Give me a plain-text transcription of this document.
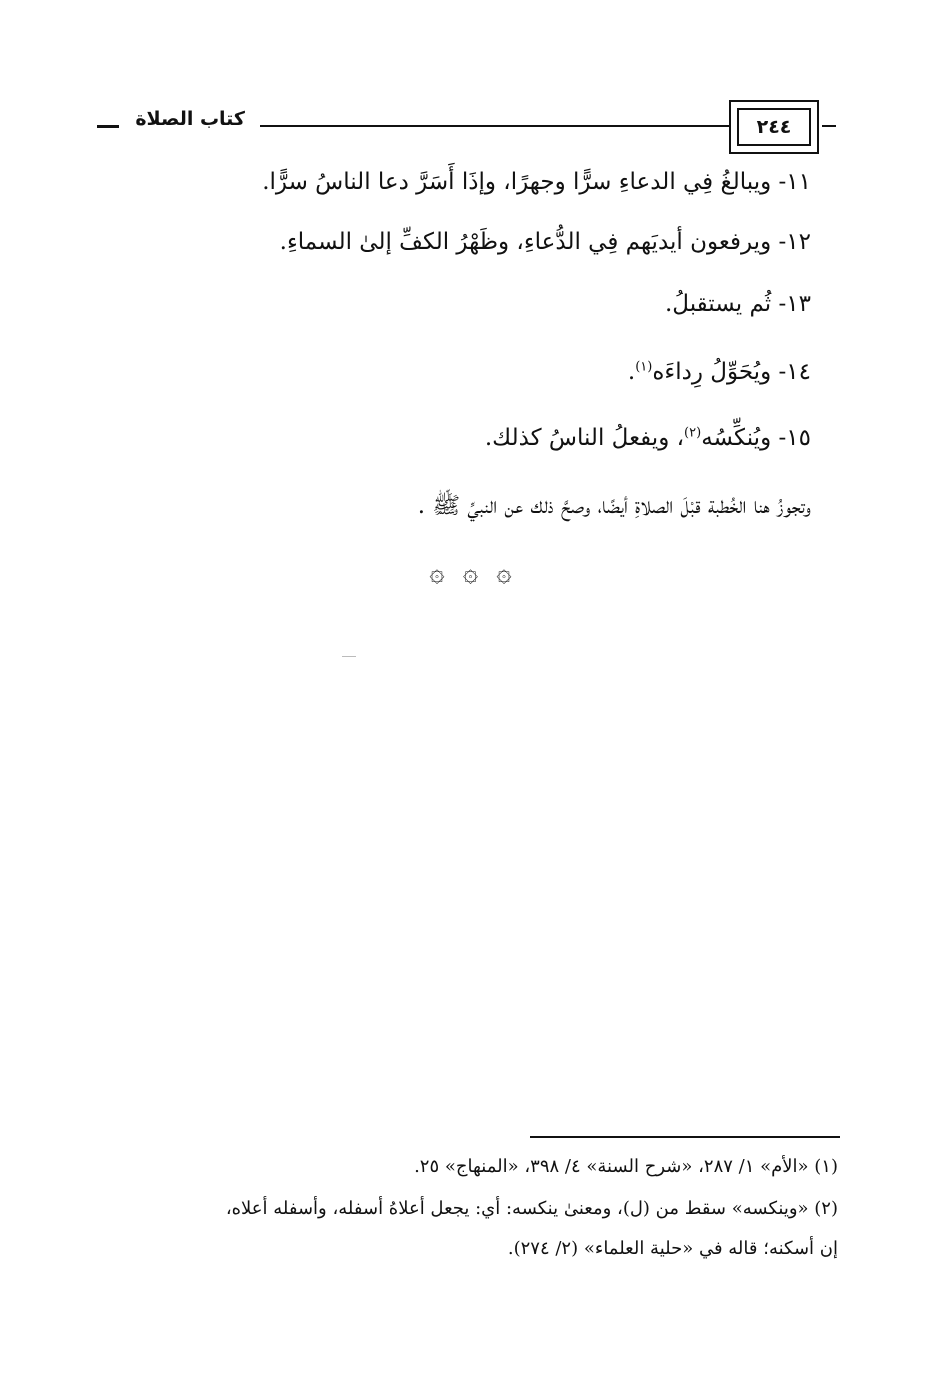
٢٤٤
كتاب الصلاة
١١- ويبالغُ فِي الدعاءِ سرًّا وجهرًا، وإذَا أَسَرَّ دعا الناسُ سرًّا.
١٢- ويرفعون أيديَهم فِي الدُّعاءِ، وظَهْرُ الكفِّ إلىٰ السماءِ.
١٣- ثُم يستقبلُ.
١٤- ويُحَوِّلُ رِداءَه$^{(١)}$.
١٥- ويُنكِّسُه$^{(٢)}$، ويفعلُ الناسُ كذلك.
وتجوزُ هنا الخُطبة قبْلَ الصلاةِ أيضًا، وصحَّ ذلك عن النبيِّ ﷺ .
۞ ۞ ۞
(١) «الأم» ١/ ٢٨٧، «شرح السنة» ٤/ ٣٩٨، «المنهاج» ٢٥.
(٢) «وينكسه» سقط من (ل)، ومعنىٰ ينكسه: أي: يجعل أعلاهُ أسفله، وأسفله أعلاه،
إن أسكنه؛ قاله في «حلية العلماء» (٢/ ٢٧٤).
